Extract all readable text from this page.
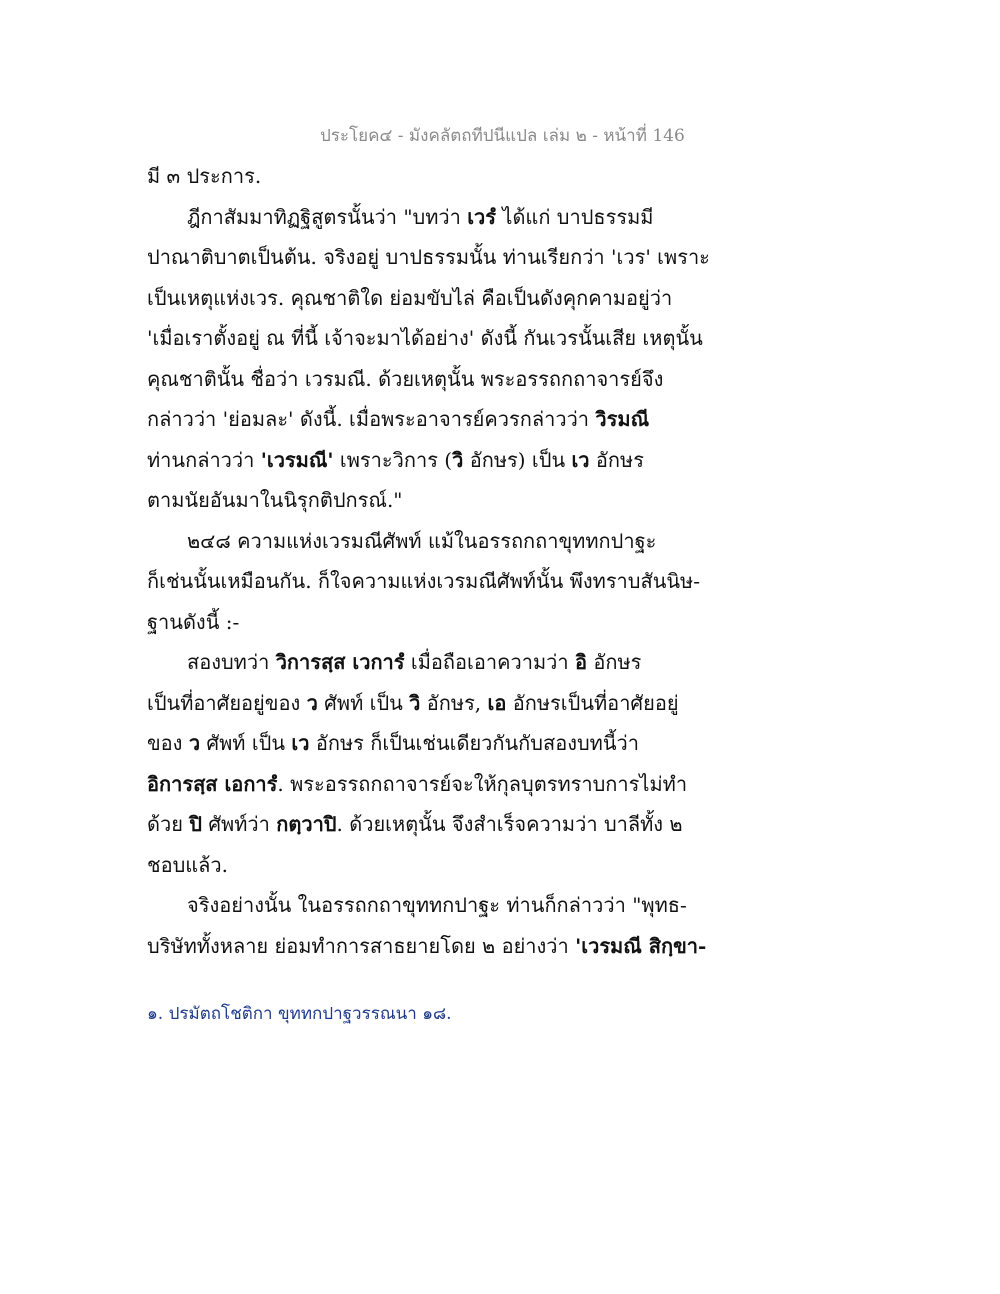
ประโยค๔ - มังคลัตถทีปนีแปล เล่ม ๒ - หน้าที่ 146
มี ๓ ประการ.
ฎีกาสัมมาทิฏฐิสูตรนั้นว่า "บทว่า เวรํ ได้แก่ บาปธรรมมี
ปาณาติบาตเป็นต้น. จริงอยู่ บาปธรรมนั้น ท่านเรียกว่า 'เวร' เพราะ
เป็นเหตุแห่งเวร. คุณชาติใด ย่อมขับไล่ คือเป็นดังคุกคามอยู่ว่า
'เมื่อเราตั้งอยู่ ณ ที่นี้ เจ้าจะมาได้อย่าง' ดังนี้ กันเวรนั้นเสีย เหตุนั้น
คุณชาตินั้น ชื่อว่า เวรมณี. ด้วยเหตุนั้น พระอรรถกถาจารย์จึง
กล่าวว่า 'ย่อมละ' ดังนี้. เมื่อพระอาจารย์ควรกล่าวว่า วิรมณี
ท่านกล่าวว่า 'เวรมณี' เพราะวิการ (วิ อักษร) เป็น เว อักษร
ตามนัยอันมาในนิรุกติปกรณ์."
๒๔๘ ความแห่งเวรมณีศัพท์ แม้ในอรรถกถาขุททกปาฐะ
ก็เช่นนั้นเหมือนกัน. ก็ใจความแห่งเวรมณีศัพท์นั้น พึงทราบสันนิษ-
ฐานดังนี้ :-
สองบทว่า วิการสฺส เวการํ เมื่อถือเอาความว่า อิ อักษร
เป็นที่อาศัยอยู่ของ ว ศัพท์ เป็น วิ อักษร, เอ อักษรเป็นที่อาศัยอยู่
ของ ว ศัพท์ เป็น เว อักษร ก็เป็นเช่นเดียวกันกับสองบทนี้ว่า
อิการสฺส เอการํ. พระอรรถกถาจารย์จะให้กุลบุตรทราบการไม่ทำ
ด้วย ปิ ศัพท์ว่า กตฺวาปิ. ด้วยเหตุนั้น จึงสำเร็จความว่า บาลีทั้ง ๒
ชอบแล้ว.
จริงอย่างนั้น ในอรรถกถาขุททกปาฐะ ท่านก็กล่าวว่า "พุทธ-
บริษัททั้งหลาย ย่อมทำการสาธยายโดย ๒ อย่างว่า 'เวรมณี สิกฺขา-
๑. ปรมัตถโชติกา ขุททกปาฐวรรณนา ๑๘.
